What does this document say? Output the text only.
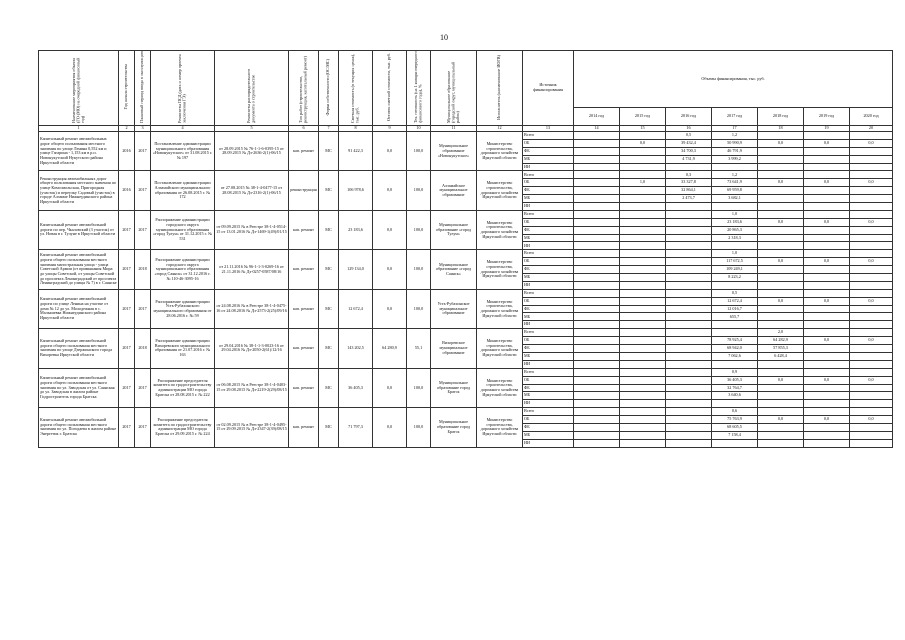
10
Наименование мероприятия объекта (ГО (МО) на очередной финансовый год)	Год начала строительства	Плановый период ввода в эксплуатацию	Реквизиты ПСД (дата и номер проекта заключения ГЭ)	Реквизиты распорядительного документа о строительстве	Тип работ (строительство, реконструкция, капитальный ремонт)	Форма собственности (ОС/МС)	Сметная стоимость (в текущих ценах), тыс. руб.	Остаток сметной стоимости, тыс. руб.	Тех. готовность (на 1 января очередного финансового года), %	Муниципальное образование (городской округ, муниципальный район)	Исполнитель (наименование ИОГВ)	Источник финансирования	Объемы финансирования, тыс. руб.						
													2014 год	2015 год	2016 год	2017 год	2018 год	2019 год	2020 год
1	2	3	4	5	6	7	8	9	10	11	12	13	14	15	16	17	18	19	20
Капитальный ремонт автомобильных дорог общего пользования местного значения по улице Ленина 0,552 км и улице Гагарина - 1,153 км в р.п. Новонукутский Нукутского района Иркутской области	2016	2017	Постановление администрации муниципального образования «Новонукутское» от 31.08.2015 г. № 197	от 28.09.2015 № 76-1-1-6-0395-15 от 28.09.2015 № Дз-2636-2(1)-06/15	кап. ремонт	МС	91 422,3	0,0	100,0	Муниципальное образование «Новонукутское»	Министерство строительства, дорожного хозяйства Иркутской области	Всего			0,5	1,2			
												ОБ		0,0	39 432,4	50 990,9	0,0	0,0	0,0
												ФБ			34 700,3	46 791,9			
												МБ			4 731,9	3 999,2			
												ИИ							
Реконструкция автомобильных дорог общего пользования местного значения по улице Комсомольская, Пригородная (участок) и переулку Садовый (участок) в городе Алзамае Нижнеудинского района Иркутской области	2016	2017	Постановление администрации Алзамайского муниципального образования от 26.08.2015 г. № 172	от 27.08.2015 № 38-1-4-0477-15 от 28.08.2015 № Дз-2316-2(1)-06/15	реконструкция	МС	106 978,6	0,0	100,0	Алзамайское муниципальное образование	Министерство строительства, дорожного хозяйства Иркутской области	Всего			0,3	1,2			
												ОБ		1,0	33 327,8	73 641,9	0,0	0,0	0,0
												ФБ			32 864,1	69 959,8			
												МБ			2 473,7	3 682,1			
												ИИ							
Капитальный ремонт автомобильной дороги по пер. Чкаловский (3 участок) от ул. Новая в г. Тулуне в Иркутской области	2017	2017	Распоряжение администрации городского округа муниципального образования «город Тулун» от 31.12.2015 г. № 531	от 09.09.2015 № в Реестре 38-1-4-0514-15 от 13.01.2016 № Дз-1469-1(49)/01/15	кап. ремонт	МС	23 183,6	0,0	100,0	Муниципальное образование «город Тулун»	Министерство строительства, дорожного хозяйства Иркутской области	Всего				1,0			
												ОБ				23 183,6	0,0	0,0	0,0
												ФБ				20 865,3			
												МБ				2 318,3			
												ИИ							
Капитальный ремонт автомобильной дороги общего пользования местного значения магистральная улица - улица Советской Армии (от примыкания Мира до улицы Советской, от улицы Советской до проспекта Ленинградский от проспекта Ленинградский до улицы № 7) в г. Саянске	2017	2018	Распоряжение администрации городского округа муниципального образования «город Саянск» от 31.12.2016 г. № 110-46-3095-16	от 21.11.2016 № 96-1-1-3-0269-16 от 21.11.2016 № Дз-0257-0587/08/16	кап. ремонт	МС	129 134,0	0,0	100,0	Муниципальное образование «город Саянск»	Министерство строительства, дорожного хозяйства Иркутской области	Всего				1,0			
												ОБ				117 672,5	0,0	0,0	0,0
												ФБ				109 249,1			
												МБ				8 223,2			
												ИИ							
Капитальный ремонт автомобильной дороги по улице Ленина на участке от дома № 12 до ул. Молодежная в с. Малышевка Нижнеудинского района Иркутской области	2017	2017	Распоряжение администрации Усть-Рубахинского муниципального образования от 28.06.2016 г. № 59	от 24.08.2016 № в Реестре 38-1-4-0475-16 от 24.08.2016 № Дз-2573-2(25)/09/16	кап. ремонт	МС	12 672,4	0,0	100,0	Усть-Рубахинское муниципальное образование	Министерство строительства, дорожного хозяйства Иркутской области	Всего				0,5			
												ОБ				12 672,4	0,0	0,0	0,0
												ФБ				12 016,7			
												МБ				655,7			
												ИИ							
Капитальный ремонт автомобильной дороги общего пользования местного значения по улице Дзержинского города Вихоревка Иркутской области	2017	2018	Распоряжение администрации Вихоревского муниципального образования от 21.07.2016 г. № 163	от 29.04.2016 № 38-1-1-3-0023-16 от 29.04.2016 № Дз-2050-2(61)/12/16	кап. ремонт	МС	143 202,5	64 280,9	55,1	Вихоревское муниципальное образование	Министерство строительства, дорожного хозяйства Иркутской области	Всего					2,0		
												ОБ				78 925,4	64 282,9	0,0	0,0
												ФБ				68 942,0	57 855,3		
												МБ				7 062,6	6 428,4		
												ИИ							
Капитальный ремонт автомобильной дороги общего пользования местного значения по ул. Заводская от ул. Саянская до ул. Заводская в жилом районе Гидростроитель города Братска	2017	2017	Распоряжение председателя комитета по градостроительству администрации МО города Братска от 28.08.2015 г. № 222	от 06.08.2015 № в Реестре 38-1-4-0403-15 от 29.08.2015 № Дз-2219-2(29)/08/15	кап. ремонт	МС	36 405,3	0,0	100,0	Муниципальное образование город Братск	Министерство строительства, дорожного хозяйства Иркутской области	Всего				0,9			
												ОБ				36 405,3	0,0	0,0	0,0
												ФБ				32 764,7			
												МБ				3 640,6			
												ИИ							
Капитальный ремонт автомобильной дороги общего пользования местного значения по ул. Погодаева в жилом районе Энергетик г. Братска	2017	2017	Распоряжение председателя комитета по градостроительству администрации МО города Братска от 29.09.2015 г. № 224	от 02.09.2015 № в Реестре 38-1-4-0495-15 от 29.09.2015 № Дз-2347-2(39)/08/15	кап. ремонт	МС	71 797,3	0,0	100,0	Муниципальное образование город Братск	Министерство строительства, дорожного хозяйства Иркутской области	Всего				0,6			
												ОБ				75 763,9	0,0	0,0	0,0
												ФБ				68 605,5			
												МБ				7 158,4			
												ИИ							
